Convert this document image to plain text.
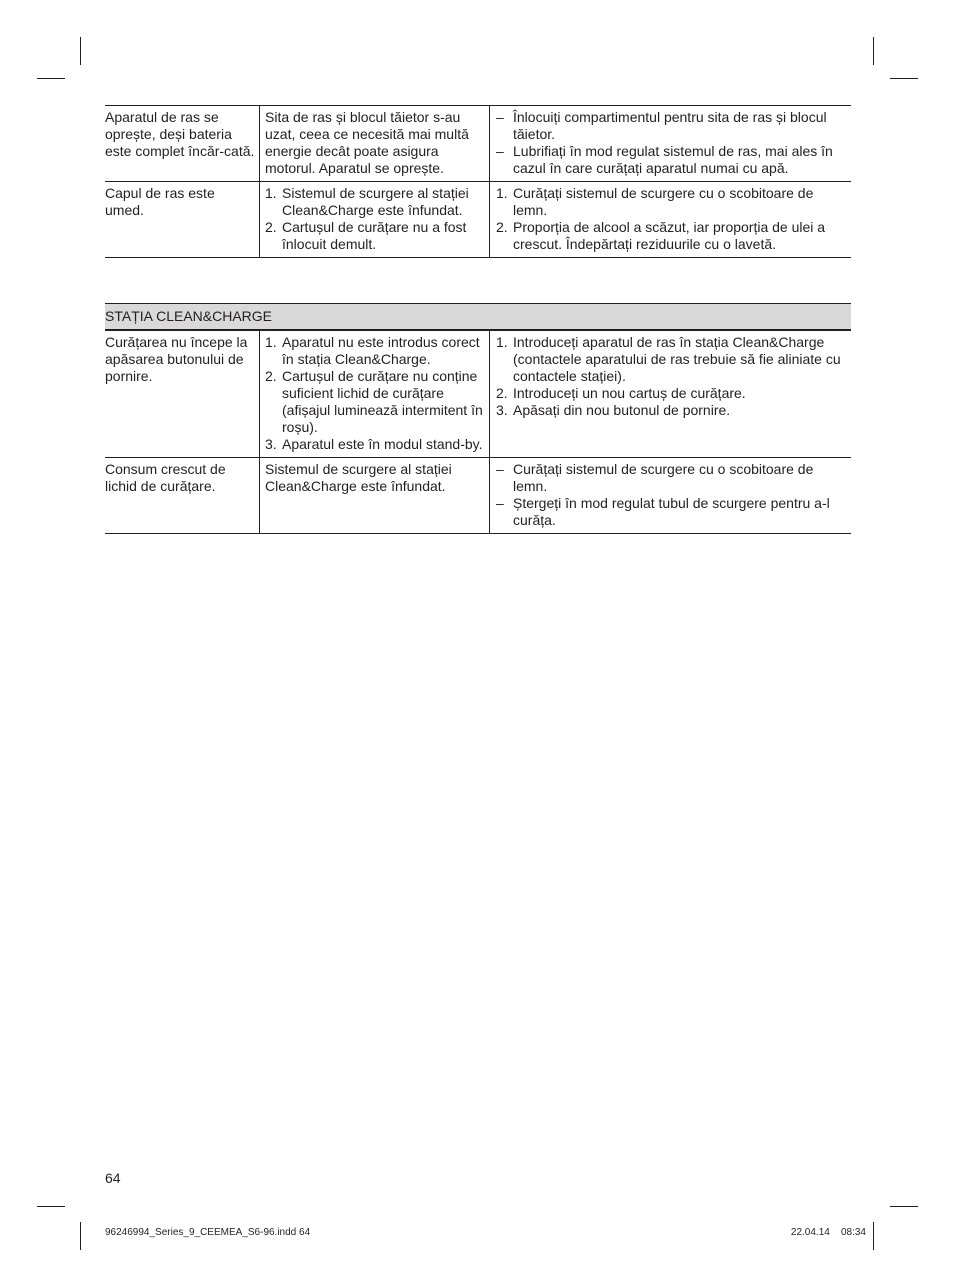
Aparatul de ras se oprește, deși bateria este complet încăr-cată.
Sita de ras și blocul tăietor s-au uzat, ceea ce necesită mai multă energie decât poate asigura motorul. Aparatul se oprește.
– Înlocuiți compartimentul pentru sita de ras și blocul tăietor.
– Lubrifiați în mod regulat sistemul de ras, mai ales în cazul în care curățați aparatul numai cu apă.
Capul de ras este umed.
1. Sistemul de scurgere al stației Clean&Charge este înfundat.
2. Cartușul de curățare nu a fost înlocuit demult.
1. Curățați sistemul de scurgere cu o scobitoare de lemn.
2. Proporția de alcool a scăzut, iar proporția de ulei a crescut. Îndepărtați reziduurile cu o lavetă.
STAȚIA CLEAN&CHARGE
Curățarea nu începe la apăsarea butonului de pornire.
1. Aparatul nu este introdus corect în stația Clean&Charge.
2. Cartușul de curățare nu conține suficient lichid de curățare (afișajul luminează intermitent în roșu).
3. Aparatul este în modul stand-by.
1. Introduceți aparatul de ras în stația Clean&Charge (contactele aparatului de ras trebuie să fie aliniate cu contactele stației).
2. Introduceți un nou cartuș de curățare.
3. Apăsați din nou butonul de pornire.
Consum crescut de lichid de curățare.
Sistemul de scurgere al stației Clean&Charge este înfundat.
– Curățați sistemul de scurgere cu o scobitoare de lemn.
– Ștergeți în mod regulat tubul de scurgere pentru a-l curăța.
64
96246994_Series_9_CEEMEA_S6-96.indd 64	22.04.14 08:34
